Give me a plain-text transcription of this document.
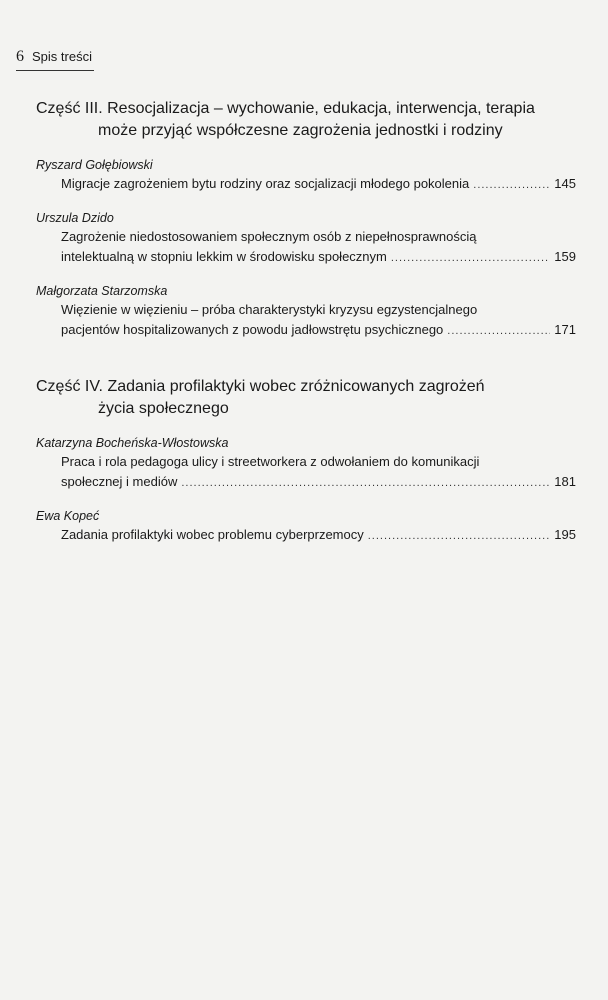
6 Spis treści
Część III. Resocjalizacja – wychowanie, edukacja, interwencja, terapia
może przyjąć współczesne zagrożenia jednostki i rodziny
Ryszard Gołębiowski
Migracje zagrożeniem bytu rodziny oraz socjalizacji młodego pokolenia .....	145
Urszula Dzido
Zagrożenie niedostosowaniem społecznym osób z niepełnosprawnością
intelektualną w stopniu lekkim w środowisku społecznym .....	159
Małgorzata Starzomska
Więzienie w więzieniu – próba charakterystyki kryzysu egzystencjalnego
pacjentów hospitalizowanych z powodu jadłowstrętu psychicznego .....	171
Część IV. Zadania profilaktyki wobec zróżnicowanych zagrożeń
życia społecznego
Katarzyna Bocheńska-Włostowska
Praca i rola pedagoga ulicy i streetworkera z odwołaniem do komunikacji
społecznej i mediów .....	181
Ewa Kopeć
Zadania profilaktyki wobec problemu cyberprzemocy .....	195
